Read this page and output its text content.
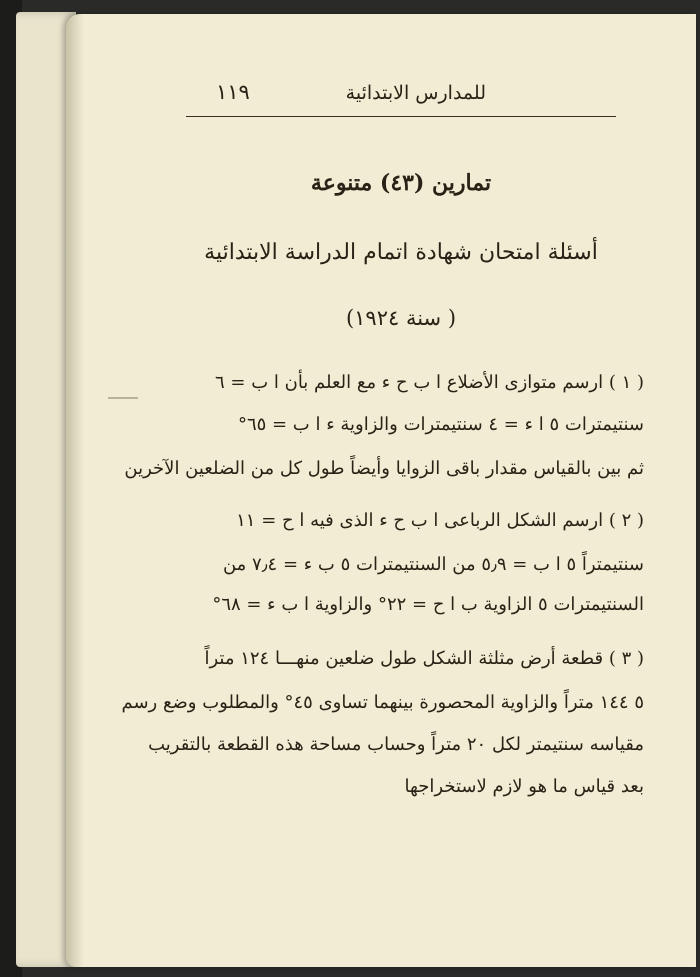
للمدارس الابتدائية
١١٩
تمارين (٤٣) متنوعة
أسئلة امتحان شهادة اتمام الدراسة الابتدائية
( سنة ١٩٢٤)
( ١ ) ارسم متوازى الأضلاع ا ب ح ء مع العلم بأن ا ب = ٦
سنتيمترات ٥ ا ء = ٤ سنتيمترات والزاوية ء ا ب = ٦٥°
ثم بين بالقياس مقدار باقى الزوايا وأيضاً طول كل من الضلعين الآخرين
( ٢ ) ارسم الشكل الرباعى ا ب ح ء الذى فيه ا ح = ١١
سنتيمتراً ٥ ا ب = ٥٫٩ من السنتيمترات ٥ ب ء = ٧٫٤ من
السنتيمترات ٥ الزاوية ب ا ح = ٢٢° والزاوية ا ب ء = ٦٨°
( ٣ ) قطعة أرض مثلثة الشكل طول ضلعين منهـــا ١٢٤ متراً
٥ ١٤٤ متراً والزاوية المحصورة بينهما تساوى ٤٥° والمطلوب وضع رسم
مقياسه سنتيمتر لكل ٢٠ متراً وحساب مساحة هذه القطعة بالتقريب
بعد قياس ما هو لازم لاستخراجها
